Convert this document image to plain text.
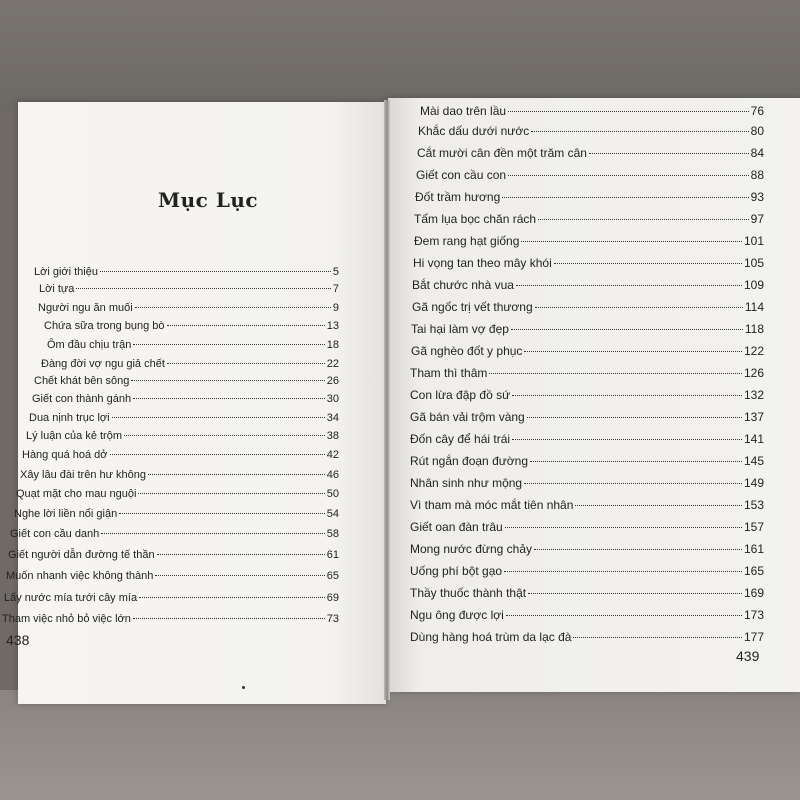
Mục Lục
Lời giới thiệu	5
Lời tựa	7
Người ngu ăn muối	9
Chứa sữa trong bụng bò	13
Ôm đầu chịu trận	18
Đàng đời vợ ngu giả chết	22
Chết khát bên sông	26
Giết con thành gánh	30
Dua nịnh trục lợi	34
Lý luận của kẻ trộm	38
Hàng quá hoá dở	42
Xây lâu đài trên hư không	46
Quạt mặt cho mau nguội	50
Nghe lời liền nổi giận	54
Giết con cầu danh	58
Giết người dẫn đường tế thần	61
Muốn nhanh việc không thành	65
Lấy nước mía tưới cây mía	69
Tham việc nhỏ bỏ việc lớn	73
Mài dao trên lầu	76
Khắc dấu dưới nước	80
Cắt mười cân đền một trăm cân	84
Giết con cầu con	88
Đốt trầm hương	93
Tấm lụa bọc chăn rách	97
Đem rang hạt giống	101
Hi vọng tan theo mây khói	105
Bắt chước nhà vua	109
Gã ngốc trị vết thương	114
Tai hại làm vợ đẹp	118
Gã nghèo đốt y phục	122
Tham thì thâm	126
Con lừa đập đồ sứ	132
Gã bán vải trộm vàng	137
Đốn cây để hái trái	141
Rút ngắn đoạn đường	145
Nhân sinh như mộng	149
Vì tham mà móc mắt tiên nhân	153
Giết oan đàn trâu	157
Mong nước đừng chảy	161
Uống phí bột gạo	165
Thầy thuốc thành thật	169
Ngu ông được lợi	173
Dùng hàng hoá trùm da lạc đà	177
438
439
